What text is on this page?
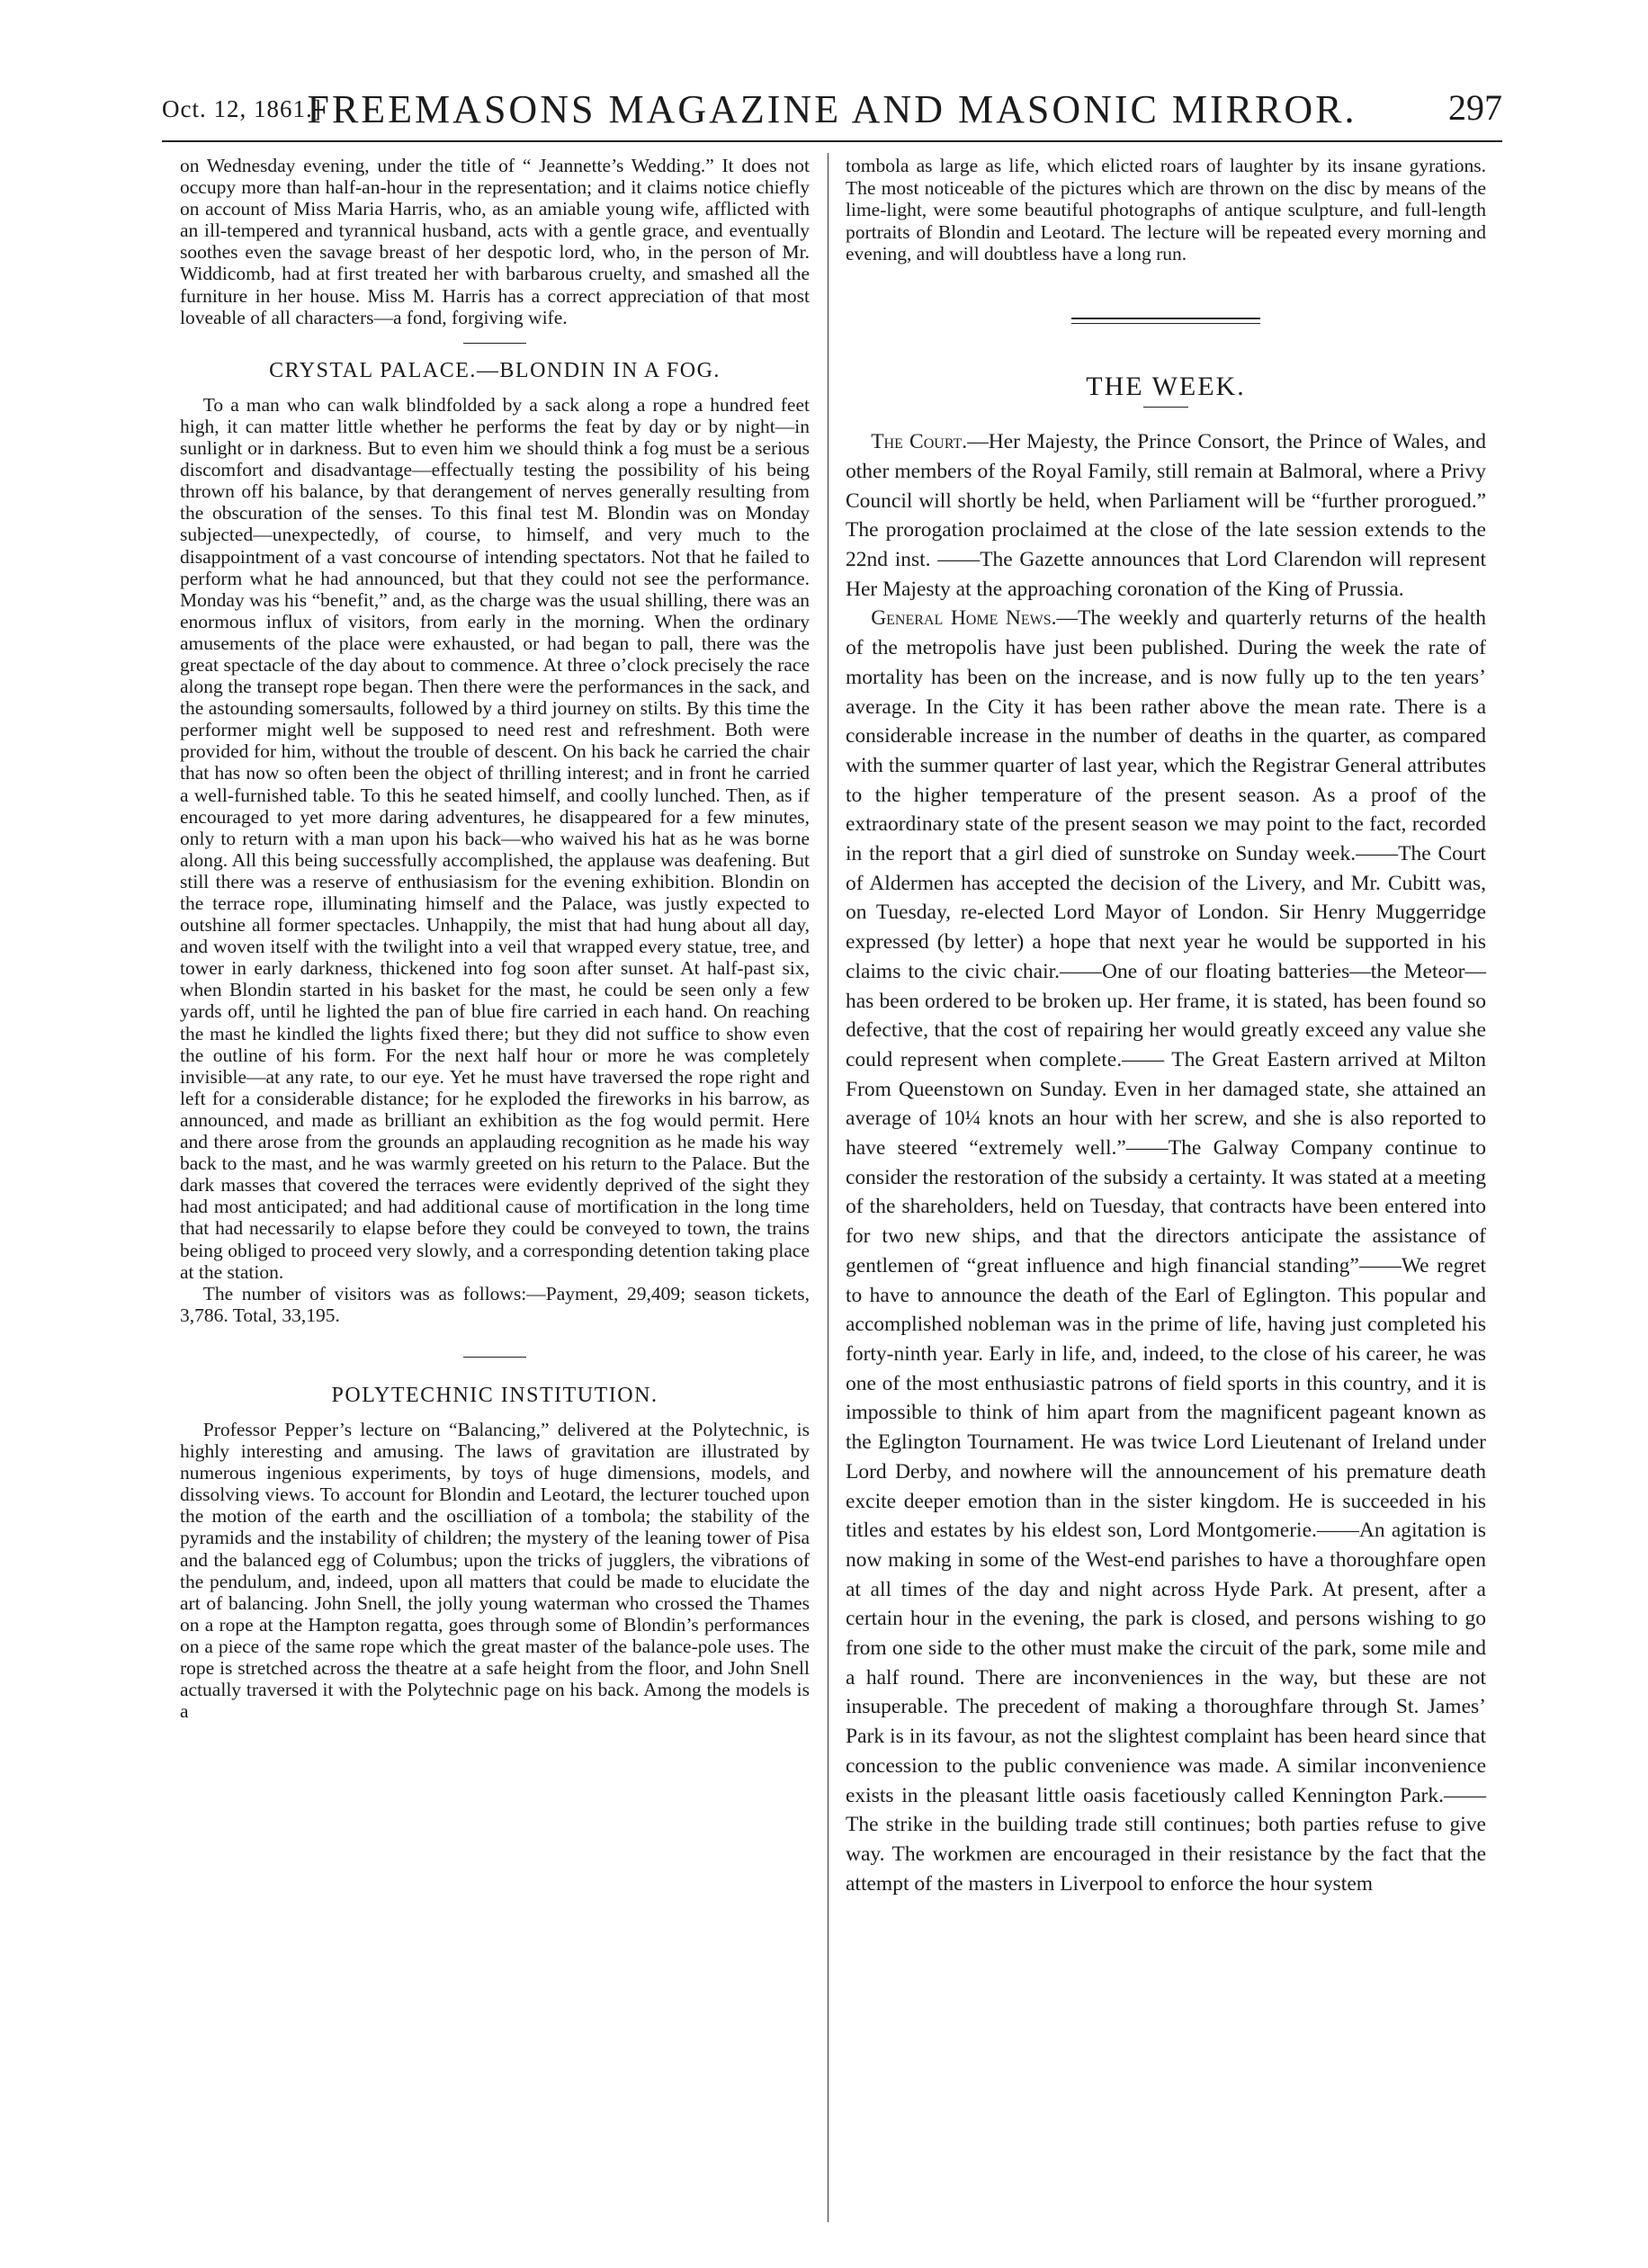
Oct. 12, 1861.]
FREEMASONS MAGAZINE AND MASONIC MIRROR.	297

on Wednesday evening, under the title of “ Jeannette’s Wedding.” It does not occupy more than half-an-hour in the representation; and it claims notice chiefly on account of Miss Maria Harris, who, as an amiable young wife, afflicted with an ill-tempered and tyrannical husband, acts with a gentle grace, and eventually soothes even the savage breast of her despotic lord, who, in the person of Mr. Widdicomb, had at first treated her with barbarous cruelty, and smashed all the furniture in her house. Miss M. Harris has a correct appreciation of that most loveable of all characters—a fond, forgiving wife.

CRYSTAL PALACE.—BLONDIN IN A FOG.

To a man who can walk blindfolded by a sack along a rope a hundred feet high, it can matter little whether he performs the feat by day or by night—in sunlight or in darkness. But to even him we should think a fog must be a serious discomfort and disadvantage—effectually testing the possibility of his being thrown off his balance, by that derangement of nerves generally resulting from the obscuration of the senses. To this final test M. Blondin was on Monday subjected—unexpectedly, of course, to himself, and very much to the disappointment of a vast concourse of intending spectators. Not that he failed to perform what he had announced, but that they could not see the performance. Monday was his “benefit,” and, as the charge was the usual shilling, there was an enormous influx of visitors, from early in the morning. When the ordinary amusements of the place were exhausted, or had began to pall, there was the great spectacle of the day about to commence. At three o’clock precisely the race along the transept rope began. Then there were the performances in the sack, and the astounding somersaults, followed by a third journey on stilts. By this time the performer might well be supposed to need rest and refreshment. Both were provided for him, without the trouble of descent. On his back he carried the chair that has now so often been the object of thrilling interest; and in front he carried a well-furnished table. To this he seated himself, and coolly lunched. Then, as if encouraged to yet more daring adventures, he disappeared for a few minutes, only to return with a man upon his back—who waived his hat as he was borne along. All this being successfully accomplished, the applause was deafening. But still there was a reserve of enthusiasism for the evening exhibition. Blondin on the terrace rope, illuminating himself and the Palace, was justly expected to outshine all former spectacles. Unhappily, the mist that had hung about all day, and woven itself with the twilight into a veil that wrapped every statue, tree, and tower in early darkness, thickened into fog soon after sunset. At half-past six, when Blondin started in his basket for the mast, he could be seen only a few yards off, until he lighted the pan of blue fire carried in each hand. On reaching the mast he kindled the lights fixed there; but they did not suffice to show even the outline of his form. For the next half hour or more he was completely invisible—at any rate, to our eye. Yet he must have traversed the rope right and left for a considerable distance; for he exploded the fireworks in his barrow, as announced, and made as brilliant an exhibition as the fog would permit. Here and there arose from the grounds an applauding recognition as he made his way back to the mast, and he was warmly greeted on his return to the Palace. But the dark masses that covered the terraces were evidently deprived of the sight they had most anticipated; and had additional cause of mortification in the long time that had necessarily to elapse before they could be conveyed to town, the trains being obliged to proceed very slowly, and a corresponding detention taking place at the station.

The number of visitors was as follows:—Payment, 29,409; season tickets, 3,786. Total, 33,195.

POLYTECHNIC INSTITUTION.

Professor Pepper’s lecture on “Balancing,” delivered at the Polytechnic, is highly interesting and amusing. The laws of gravitation are illustrated by numerous ingenious experiments, by toys of huge dimensions, models, and dissolving views. To account for Blondin and Leotard, the lecturer touched upon the motion of the earth and the oscilliation of a tombola; the stability of the pyramids and the instability of children; the mystery of the leaning tower of Pisa and the balanced egg of Columbus; upon the tricks of jugglers, the vibrations of the pendulum, and, indeed, upon all matters that could be made to elucidate the art of balancing. John Snell, the jolly young waterman who crossed the Thames on a rope at the Hampton regatta, goes through some of Blondin’s performances on a piece of the same rope which the great master of the balance-pole uses. The rope is stretched across the theatre at a safe height from the floor, and John Snell actually traversed it with the Polytechnic page on his back. Among the models is a

tombola as large as life, which elicted roars of laughter by its insane gyrations. The most noticeable of the pictures which are thrown on the disc by means of the lime-light, were some beautiful photographs of antique sculpture, and full-length portraits of Blondin and Leotard. The lecture will be repeated every morning and evening, and will doubtless have a long run.

THE WEEK.

The Court.—Her Majesty, the Prince Consort, the Prince of Wales, and other members of the Royal Family, still remain at Balmoral, where a Privy Council will shortly be held, when Parliament will be “further prorogued.” The prorogation proclaimed at the close of the late session extends to the 22nd inst. ——The Gazette announces that Lord Clarendon will represent Her Majesty at the approaching coronation of the King of Prussia.

General Home News.—The weekly and quarterly returns of the health of the metropolis have just been published. During the week the rate of mortality has been on the increase, and is now fully up to the ten years’ average. In the City it has been rather above the mean rate. There is a considerable increase in the number of deaths in the quarter, as compared with the summer quarter of last year, which the Registrar General attributes to the higher temperature of the present season. As a proof of the extraordinary state of the present season we may point to the fact, recorded in the report that a girl died of sunstroke on Sunday week.——The Court of Aldermen has accepted the decision of the Livery, and Mr. Cubitt was, on Tuesday, re-elected Lord Mayor of London. Sir Henry Muggerridge expressed (by letter) a hope that next year he would be supported in his claims to the civic chair.——One of our floating batteries—the Meteor—has been ordered to be broken up. Her frame, it is stated, has been found so defective, that the cost of repairing her would greatly exceed any value she could represent when complete.—— The Great Eastern arrived at Milton From Queenstown on Sunday. Even in her damaged state, she attained an average of 10¼ knots an hour with her screw, and she is also reported to have steered “extremely well.”——The Galway Company continue to consider the restoration of the subsidy a certainty. It was stated at a meeting of the shareholders, held on Tuesday, that contracts have been entered into for two new ships, and that the directors anticipate the assistance of gentlemen of “great influence and high financial standing”——We regret to have to announce the death of the Earl of Eglington. This popular and accomplished nobleman was in the prime of life, having just completed his forty-ninth year. Early in life, and, indeed, to the close of his career, he was one of the most enthusiastic patrons of field sports in this country, and it is impossible to think of him apart from the magnificent pageant known as the Eglington Tournament. He was twice Lord Lieutenant of Ireland under Lord Derby, and nowhere will the announcement of his premature death excite deeper emotion than in the sister kingdom. He is succeeded in his titles and estates by his eldest son, Lord Montgomerie.——An agitation is now making in some of the West-end parishes to have a thoroughfare open at all times of the day and night across Hyde Park. At present, after a certain hour in the evening, the park is closed, and persons wishing to go from one side to the other must make the circuit of the park, some mile and a half round. There are inconveniences in the way, but these are not insuperable. The precedent of making a thoroughfare through St. James’ Park is in its favour, as not the slightest complaint has been heard since that concession to the public convenience was made. A similar inconvenience exists in the pleasant little oasis facetiously called Kennington Park.——The strike in the building trade still continues; both parties refuse to give way. The workmen are encouraged in their resistance by the fact that the attempt of the masters in Liverpool to enforce the hour system
